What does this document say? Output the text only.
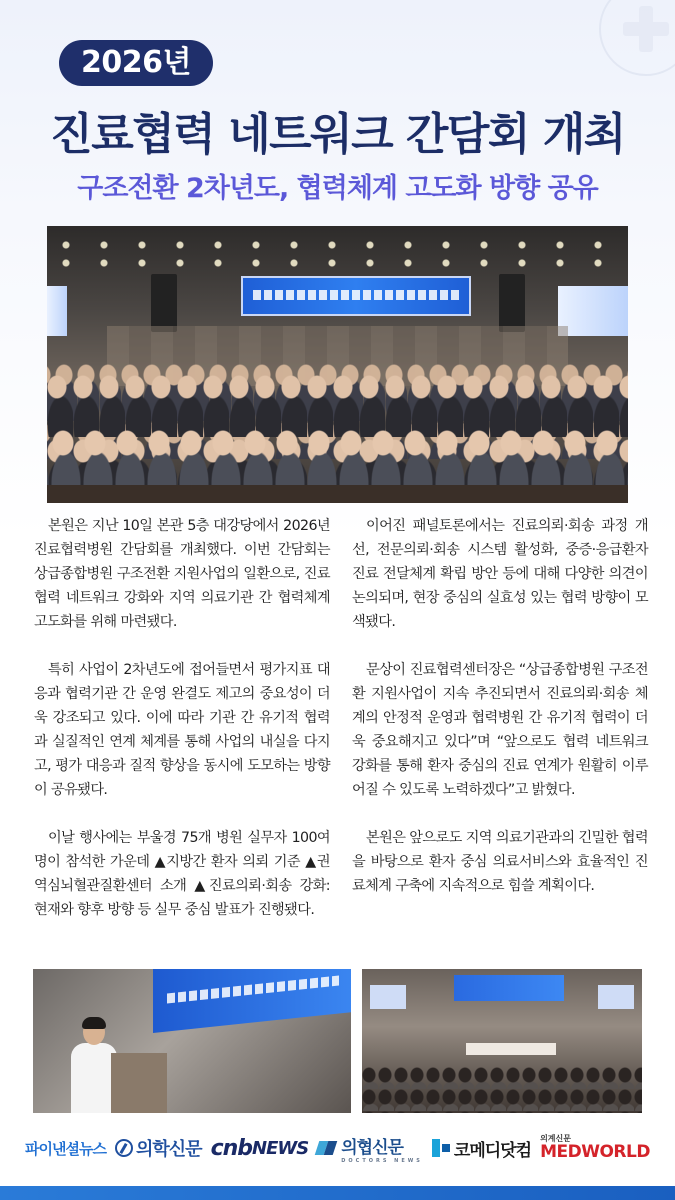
2026년
진료협력 네트워크 간담회 개최
구조전환 2차년도, 협력체계 고도화 방향 공유

본원은 지난 10일 본관 5층 대강당에서 2026년 진료협력병원 간담회를 개최했다. 이번 간담회는 상급종합병원 구조전환 지원사업의 일환으로, 진료협력 네트워크 강화와 지역 의료기관 간 협력체계 고도화를 위해 마련됐다.

특히 사업이 2차년도에 접어들면서 평가지표 대응과 협력기관 간 운영 완결도 제고의 중요성이 더욱 강조되고 있다. 이에 따라 기관 간 유기적 협력과 실질적인 연계 체계를 통해 사업의 내실을 다지고, 평가 대응과 질적 향상을 동시에 도모하는 방향이 공유됐다.

이날 행사에는 부울경 75개 병원 실무자 100여 명이 참석한 가운데 ▲지방간 환자 의뢰 기준 ▲권역심뇌혈관질환센터 소개 ▲진료의뢰·회송 강화: 현재와 향후 방향 등 실무 중심 발표가 진행됐다.

이어진 패널토론에서는 진료의뢰·회송 과정 개선, 전문의뢰·회송 시스템 활성화, 중증·응급환자 진료 전달체계 확립 방안 등에 대해 다양한 의견이 논의되며, 현장 중심의 실효성 있는 협력 방향이 모색됐다.

문상이 진료협력센터장은 “상급종합병원 구조전환 지원사업이 지속 추진되면서 진료의뢰·회송 체계의 안정적 운영과 협력병원 간 유기적 협력이 더욱 중요해지고 있다”며 “앞으로도 협력 네트워크 강화를 통해 환자 중심의 진료 연계가 원활히 이루어질 수 있도록 노력하겠다”고 밝혔다.

본원은 앞으로도 지역 의료기관과의 긴밀한 협력을 바탕으로 환자 중심 의료서비스와 효율적인 진료체계 구축에 지속적으로 힘쓸 계획이다.

파이낸셜뉴스 의학신문 cnb NEWS 의협신문
DOCTORS NEWS 코메디닷컴
의계신문
MEDWORLD
